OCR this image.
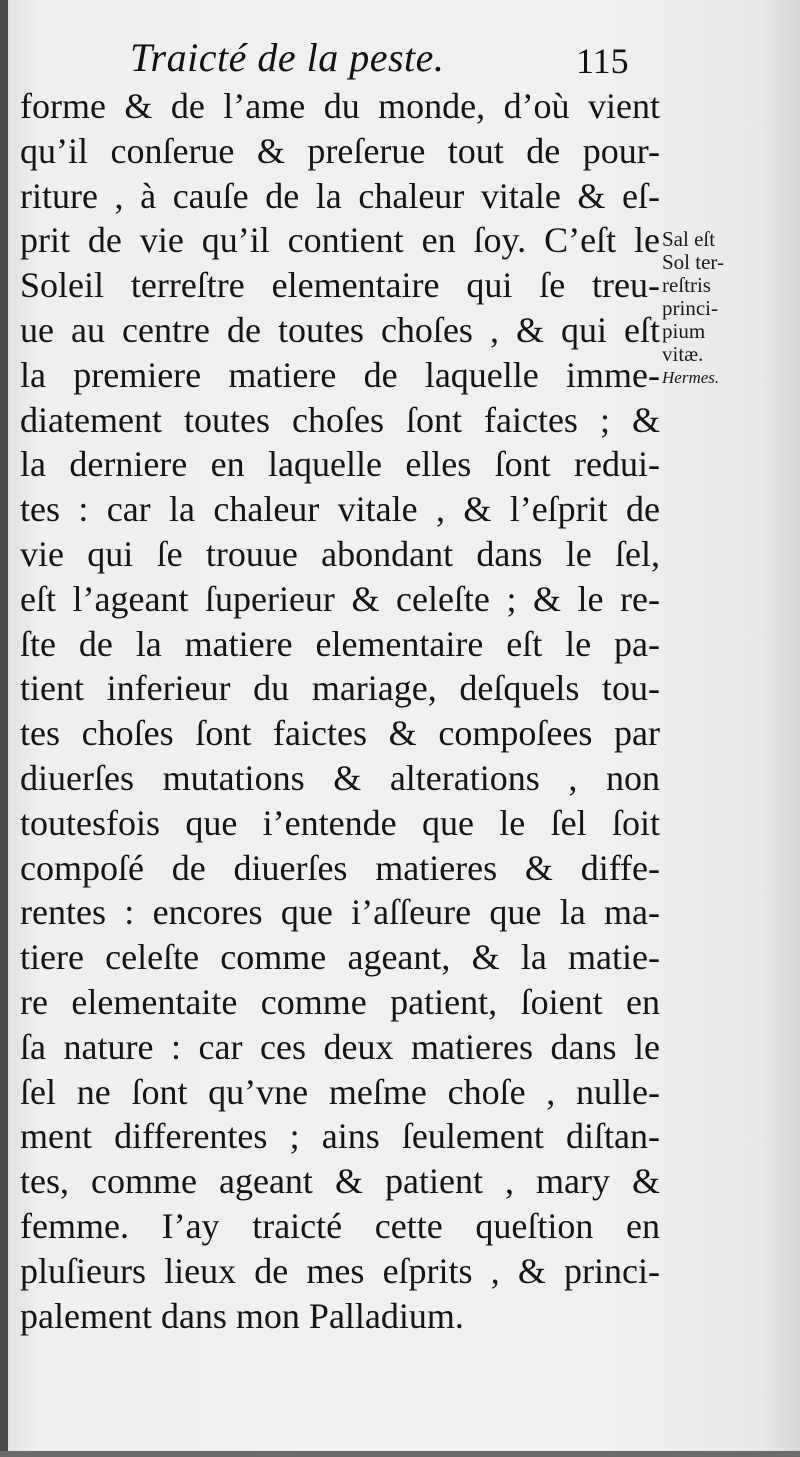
Traicté de la peste.	115
forme & de l’ame du monde, d’où vient
qu’il conſerue & preſerue tout de pour-
riture , à cauſe de la chaleur vitale & eſ-
prit de vie qu’il contient en ſoy. C’eſt le
Soleil terreſtre elementaire qui ſe treu-
ue au centre de toutes choſes , & qui eſt
la premiere matiere de laquelle imme-
diatement toutes choſes ſont faictes ; &
la derniere en laquelle elles ſont redui-
tes : car la chaleur vitale , & l’eſprit de
vie qui ſe trouue abondant dans le ſel,
eſt l’ageant ſuperieur & celeſte ; & le re-
ſte de la matiere elementaire eſt le pa-
tient inferieur du mariage, deſquels tou-
tes choſes ſont faictes & compoſees par
diuerſes mutations & alterations , non
toutesfois que i’entende que le ſel ſoit
compoſé de diuerſes matieres & diffe-
rentes : encores que i’aſſeure que la ma-
tiere celeſte comme ageant, & la matie-
re elementaite comme patient, ſoient en
ſa nature : car ces deux matieres dans le
ſel ne ſont qu’vne meſme choſe , nulle-
ment differentes ; ains ſeulement diſtan-
tes, comme ageant & patient , mary &
femme. I’ay traicté cette queſtion en
pluſieurs lieux de mes eſprits , & princi-
palement dans mon Palladium.
Sal eſt
Sol ter-
reſtris
princi-
pium
vitæ.
Hermes.
